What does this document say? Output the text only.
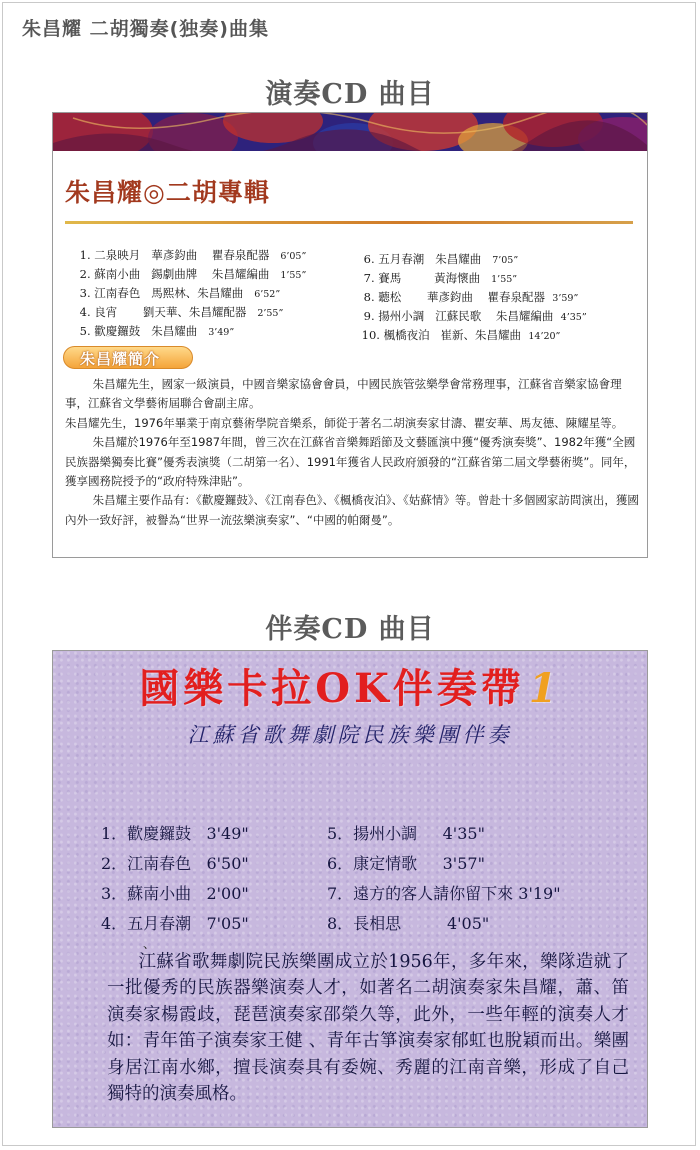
朱昌耀 二胡獨奏(独奏)曲集
演奏CD 曲目
朱昌耀◎二胡專輯

1. 二泉映月 華彥鈞曲    瞿春泉配器 6’05”

2. 蘇南小曲 錫劇曲牌    朱昌耀編曲 1’55”

3. 江南春色 馬熙林、朱昌耀曲 6’52”

4. 良宵 劉天華、朱昌耀配器 2’55”

5. 歡慶鑼鼓 朱昌耀曲 3’49”

6. 五月春潮 朱昌耀曲 7’05”

7. 賽馬	黃海懷曲 1’55”

8. 聽松 華彥鈞曲    瞿春泉配器 3’59”

9. 揚州小調 江蘇民歌    朱昌耀編曲 4’35”

10. 楓橋夜泊 崔新、朱昌耀曲 14’20”

朱昌耀簡介

朱昌耀先生，國家一級演員，中國音樂家協會會員，中國民族管弦樂學會常務理事，江蘇省音樂家協會理事，江蘇省文學藝術屆聯合會副主席。

朱昌耀先生，1976年畢業于南京藝術學院音樂系，師從于著名二胡演奏家甘濤、瞿安華、馬友德、陳耀星等。

朱昌耀於1976年至1987年間，曾三次在江蘇省音樂舞蹈節及文藝匯演中獲“優秀演奏獎”、1982年獲“全國民族器樂獨奏比賽”優秀表演獎（二胡第一名）、1991年獲省人民政府頒發的“江蘇省第二屆文學藝術獎”。同年，獲享國務院授予的“政府特殊津貼”。

朱昌耀主要作品有：《歡慶鑼鼓》、《江南春色》、《楓橋夜泊》、《姑蘇情》等。曾赴十多個國家訪問演出，獲國內外一致好評，被譽為“世界一流弦樂演奏家”、“中國的帕爾曼”。

伴奏CD 曲目
國樂卡拉OK伴奏帶 1
江蘇省歌舞劇院民族樂團伴奏
1．歡慶鑼鼓 3'49"
2．江南春色 6'50"
3．蘇南小曲 2'00"
4．五月春潮 7'05"
5．揚州小調 4'35"
6．康定情歌 3'57"
7．遠方的客人請你留下來 3'19"
8．長相思	4'05"
、

江蘇省歌舞劇院民族樂團成立於1956年，多年來，樂隊造就了一批優秀的民族器樂演奏人才，如著名二胡演奏家朱昌耀，蕭、笛演奏家楊霞歧，琵琶演奏家邵榮久等，此外，一些年輕的演奏人才如：青年笛子演奏家王健 、青年古箏演奏家郁虹也脫穎而出。樂團身居江南水鄉，擅長演奏具有委婉、秀麗的江南音樂，形成了自己獨特的演奏風格。
